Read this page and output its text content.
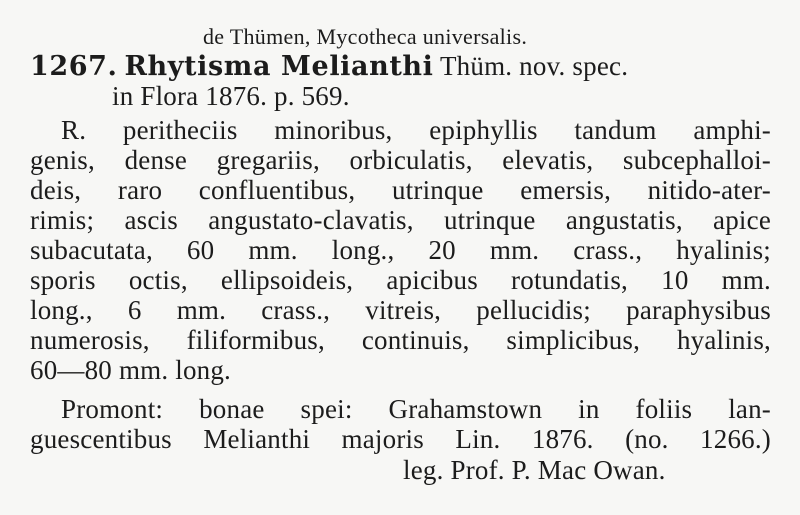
de Thümen, Mycotheca universalis.
1267. Rhytisma Melianthi Thüm. nov. spec.
in Flora 1876. p. 569.
R. peritheciis minoribus, epiphyllis tandum amphi-
genis, dense gregariis, orbiculatis, elevatis, subcephalloi-
deis, raro confluentibus, utrinque emersis, nitido-ater-
rimis; ascis angustato-clavatis, utrinque angustatis, apice
subacutata, 60 mm. long., 20 mm. crass., hyalinis;
sporis octis, ellipsoideis, apicibus rotundatis, 10 mm.
long., 6 mm. crass., vitreis, pellucidis; paraphysibus
numerosis, filiformibus, continuis, simplicibus, hyalinis,
60—80 mm. long.
Promont: bonae spei: Grahamstown in foliis lan-
guescentibus Melianthi majoris Lin. 1876. (no. 1266.)
leg. Prof. P. Mac Owan.
